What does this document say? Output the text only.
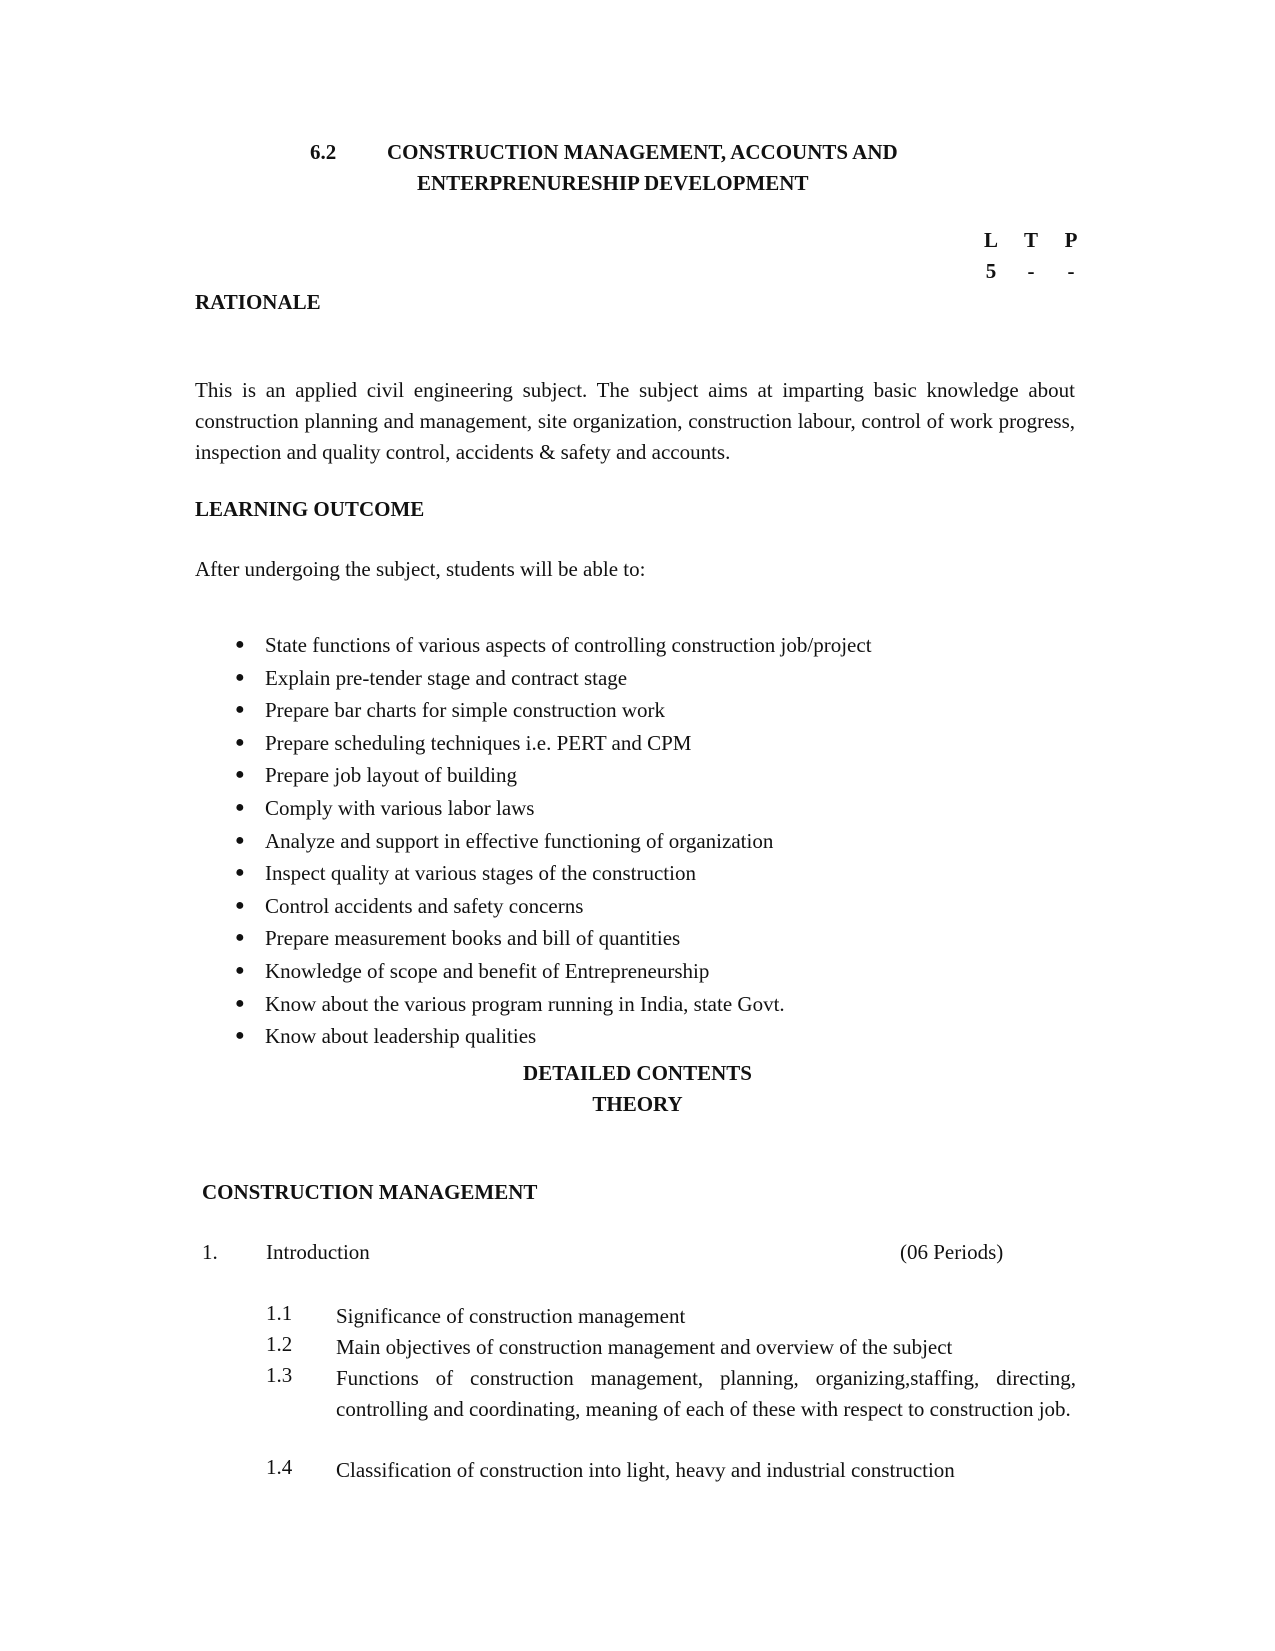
6.2 CONSTRUCTION MANAGEMENT, ACCOUNTS AND
ENTERPRENURESHIP DEVELOPMENT
L T P
5 - -
RATIONALE
This is an applied civil engineering subject. The subject aims at imparting basic knowledge about construction planning and management, site organization, construction labour, control of work progress, inspection and quality control, accidents & safety and accounts.
LEARNING OUTCOME
After undergoing the subject, students will be able to:
● State functions of various aspects of controlling construction job/project
● Explain pre-tender stage and contract stage
● Prepare bar charts for simple construction work
● Prepare scheduling techniques i.e. PERT and CPM
● Prepare job layout of building
● Comply with various labor laws
● Analyze and support in effective functioning of organization
● Inspect quality at various stages of the construction
● Control accidents and safety concerns
● Prepare measurement books and bill of quantities
● Knowledge of scope and benefit of Entrepreneurship
● Know about the various program running in India, state Govt.
● Know about leadership qualities
DETAILED CONTENTS
THEORY
CONSTRUCTION MANAGEMENT
1. Introduction	(06 Periods)
1.1 Significance of construction management
1.2 Main objectives of construction management and overview of the subject
1.3 Functions of construction management, planning, organizing,staffing, directing, controlling and coordinating, meaning of each of these with respect to construction job.
1.4 Classification of construction into light, heavy and industrial construction
